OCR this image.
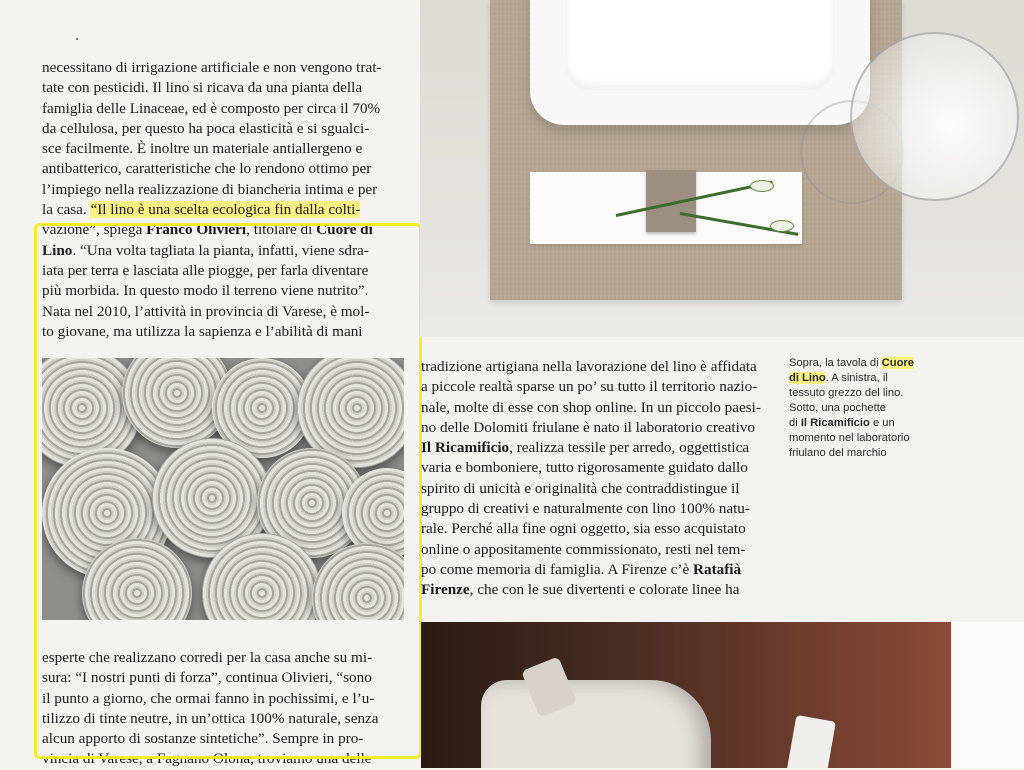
necessitano di irrigazione artificiale e non vengono trat-

tate con pesticidi. Il lino si ricava da una pianta della

famiglia delle Linaceae, ed è composto per circa il 70%

da cellulosa, per questo ha poca elasticità e si sgualci-

sce facilmente. È inoltre un materiale antiallergeno e

antibatterico, caratteristiche che lo rendono ottimo per

l’impiego nella realizzazione di biancheria intima e per

la casa. “Il lino è una scelta ecologica fin dalla colti-

vazione”, spiega Franco Olivieri, titolare di Cuore di

Lino. “Una volta tagliata la pianta, infatti, viene sdra-

iata per terra e lasciata alle piogge, per farla diventare

più morbida. In questo modo il terreno viene nutrito”.

Nata nel 2010, l’attività in provincia di Varese, è mol-

to giovane, ma utilizza la sapienza e l’abilità di mani

esperte che realizzano corredi per la casa anche su mi-

sura: “I nostri punti di forza”, continua Olivieri, “sono

il punto a giorno, che ormai fanno in pochissimi, e l’u-

tilizzo di tinte neutre, in un’ottica 100% naturale, senza

alcun apporto di sostanze sintetiche”. Sempre in pro-

vincia di Varese, a Fagnano Olona, troviamo una delle

Sopra, la tavola di Cuore

di Lino. A sinistra, il

tessuto grezzo del lino.

Sotto, una pochette

di Il Ricamificio e un

momento nel laboratorio

friulano del marchio

tradizione artigiana nella lavorazione del lino è affidata

a piccole realtà sparse un po’ su tutto il territorio nazio-

nale, molte di esse con shop online. In un piccolo paesi-

no delle Dolomiti friulane è nato il laboratorio creativo

Il Ricamificio, realizza tessile per arredo, oggettistica

varia e bomboniere, tutto rigorosamente guidato dallo

spirito di unicità e originalità che contraddistingue il

gruppo di creativi e naturalmente con lino 100% natu-

rale. Perché alla fine ogni oggetto, sia esso acquistato

online o appositamente commissionato, resti nel tem-

po come memoria di famiglia. A Firenze c’è Ratafià

Firenze, che con le sue divertenti e colorate linee ha
